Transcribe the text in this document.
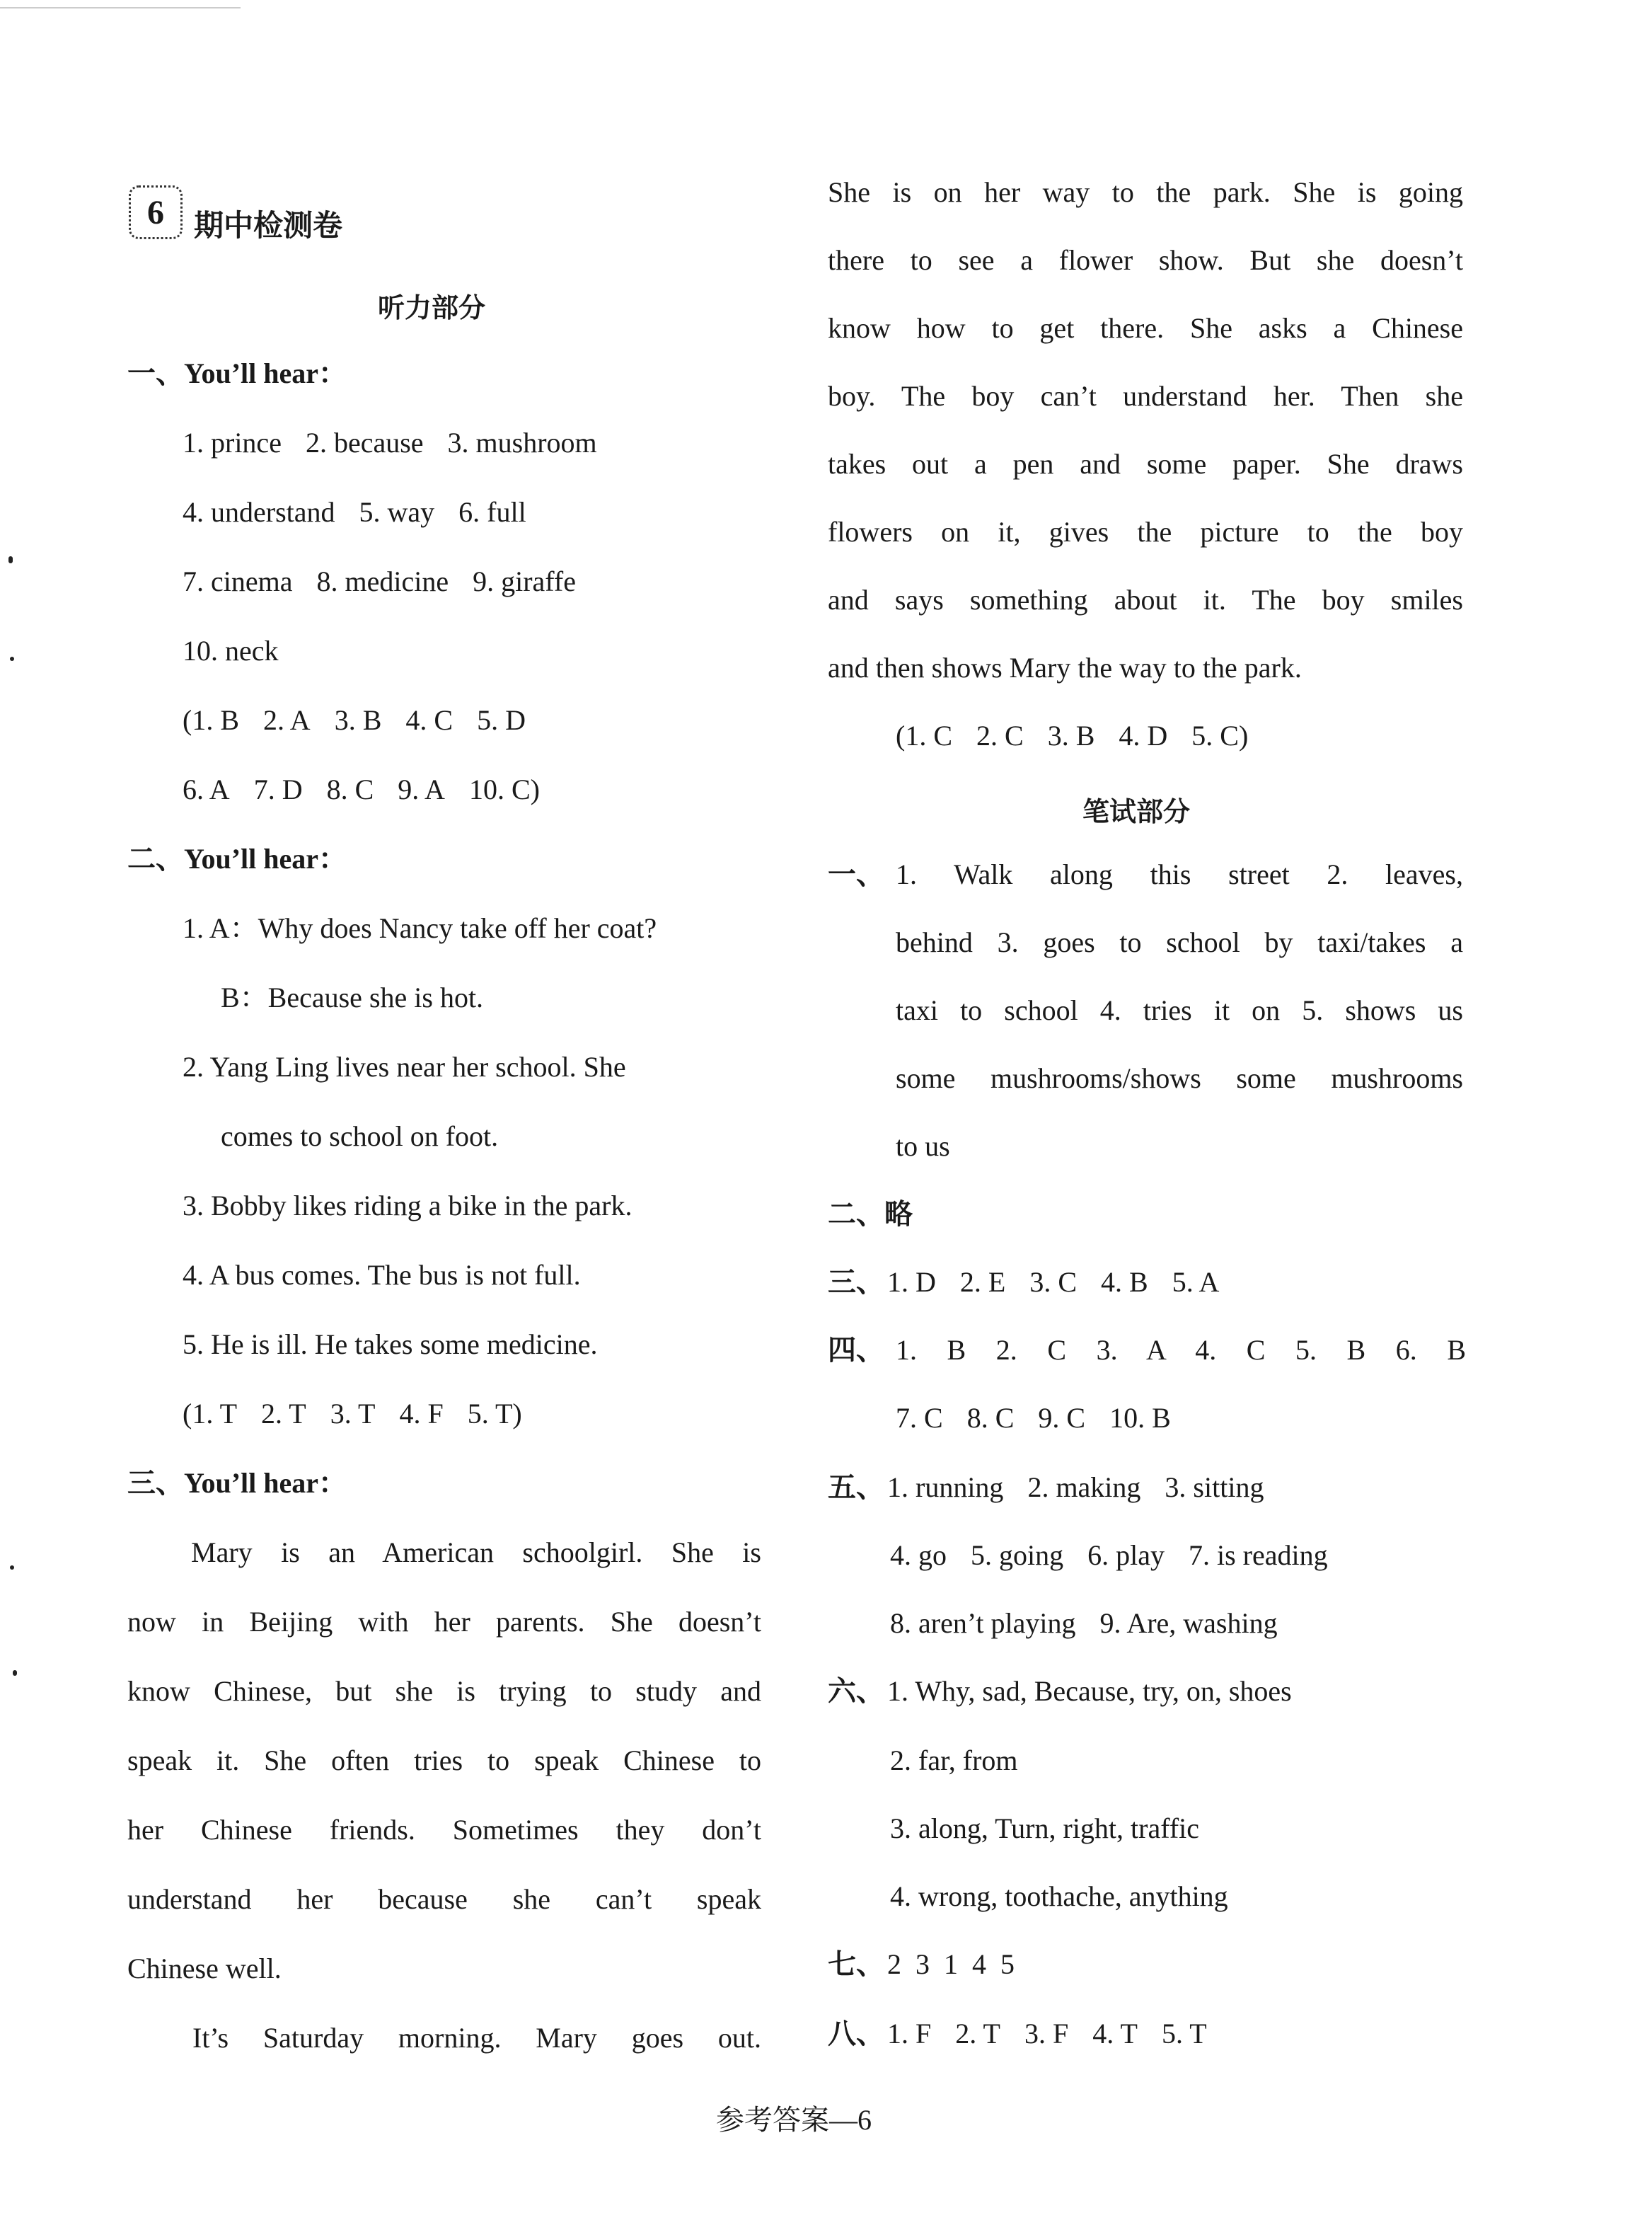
6	期中检测卷
听力部分
一、You’ll hear：
1. prince 2. because 3. mushroom
4. understand 5. way 6. full
7. cinema 8. medicine 9. giraffe
10. neck
(1. B 2. A 3. B 4. C 5. D
6. A 7. D 8. C 9. A 10. C)
二、You’ll hear：
1. A：Why does Nancy take off her coat?
B：Because she is hot.
2. Yang Ling lives near her school. She
comes to school on foot.
3. Bobby likes riding a bike in the park.
4. A bus comes. The bus is not full.
5. He is ill. He takes some medicine.
(1. T 2. T 3. T 4. F 5. T)
三、You’ll hear：
Mary is an American schoolgirl. She is
now in Beijing with her parents. She doesn’t
know Chinese, but she is trying to study and
speak it. She often tries to speak Chinese to
her Chinese friends. Sometimes they don’t
understand her because she can’t speak
Chinese well.
It’s Saturday morning. Mary goes out.
She is on her way to the park. She is going
there to see a flower show. But she doesn’t
know how to get there. She asks a Chinese
boy. The boy can’t understand her. Then she
takes out a pen and some paper. She draws
flowers on it, gives the picture to the boy
and says something about it. The boy smiles
and then shows Mary the way to the park.
(1. C 2. C 3. B 4. D 5. C)
笔试部分
一、 1. Walk along this street 2. leaves,
behind 3. goes to school by taxi/takes a
taxi to school 4. tries it on 5. shows us
some mushrooms/shows some mushrooms
to us
二、略
三、 1. D 2. E 3. C 4. B 5. A
四、 1. B 2. C 3. A 4. C 5. B 6. B
7. C 8. C 9. C 10. B
五、 1. running 2. making 3. sitting
4. go 5. going 6. play 7. is reading
8. aren’t playing 9. Are, washing
六、 1. Why, sad, Because, try, on, shoes
2. far, from
3. along, Turn, right, traffic
4. wrong, toothache, anything
七、 2  3  1  4  5
八、 1. F 2. T 3. F 4. T 5. T
参考答案—6
